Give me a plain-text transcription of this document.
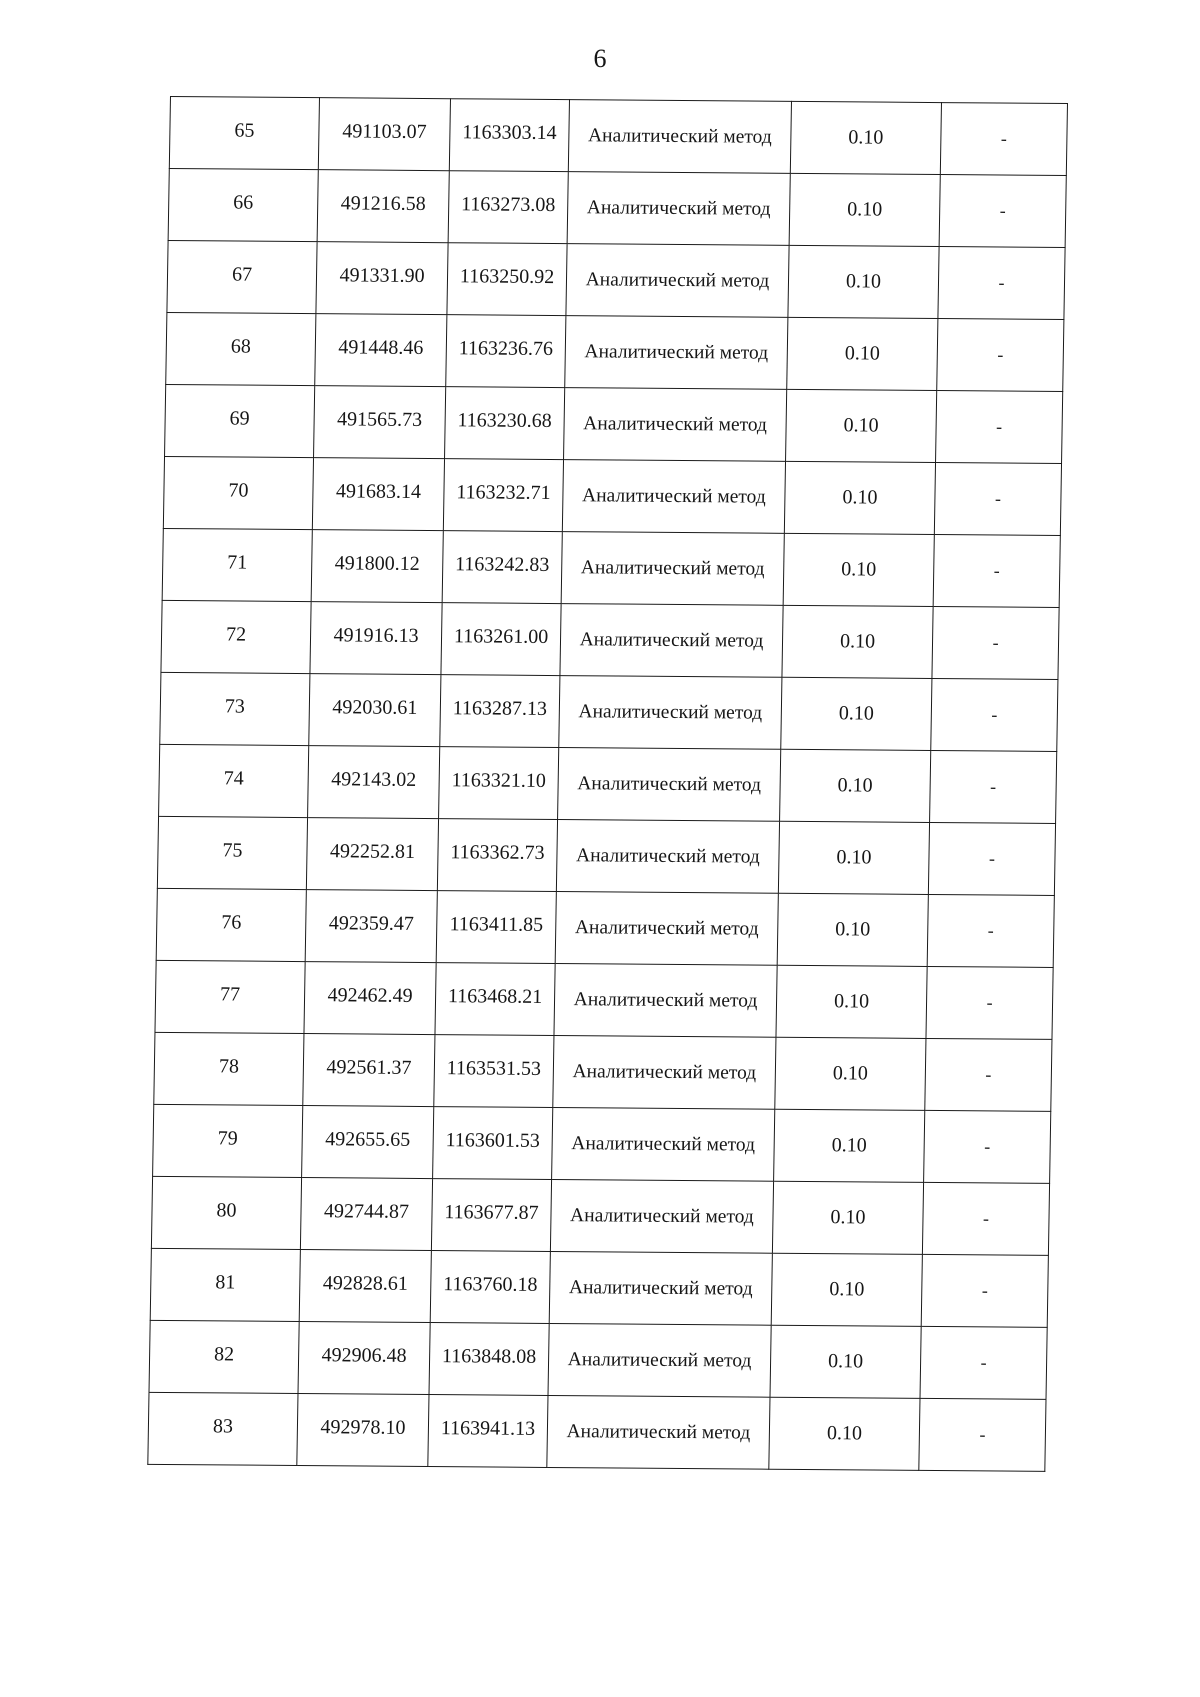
6
65	491103.07	1163303.14	Аналитический метод	0.10	-
66	491216.58	1163273.08	Аналитический метод	0.10	-
67	491331.90	1163250.92	Аналитический метод	0.10	-
68	491448.46	1163236.76	Аналитический метод	0.10	-
69	491565.73	1163230.68	Аналитический метод	0.10	-
70	491683.14	1163232.71	Аналитический метод	0.10	-
71	491800.12	1163242.83	Аналитический метод	0.10	-
72	491916.13	1163261.00	Аналитический метод	0.10	-
73	492030.61	1163287.13	Аналитический метод	0.10	-
74	492143.02	1163321.10	Аналитический метод	0.10	-
75	492252.81	1163362.73	Аналитический метод	0.10	-
76	492359.47	1163411.85	Аналитический метод	0.10	-
77	492462.49	1163468.21	Аналитический метод	0.10	-
78	492561.37	1163531.53	Аналитический метод	0.10	-
79	492655.65	1163601.53	Аналитический метод	0.10	-
80	492744.87	1163677.87	Аналитический метод	0.10	-
81	492828.61	1163760.18	Аналитический метод	0.10	-
82	492906.48	1163848.08	Аналитический метод	0.10	-
83	492978.10	1163941.13	Аналитический метод	0.10	-
